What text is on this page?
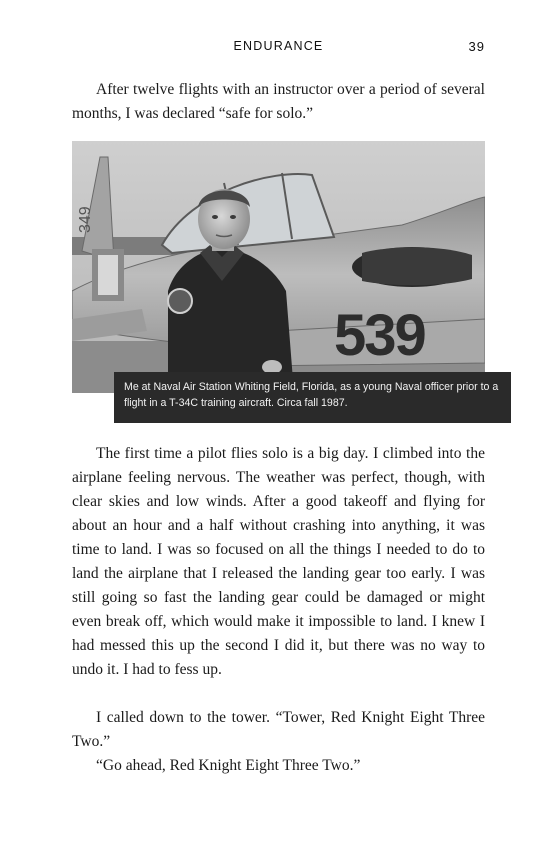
ENDURANCE	39

After twelve flights with an instructor over a period of several months, I was declared “safe for solo.”

349
539

Me at Naval Air Station Whiting Field, Florida, as a young Naval officer prior to a flight in a T-34C training aircraft. Circa fall 1987.

The first time a pilot flies solo is a big day. I climbed into the airplane feeling nervous. The weather was perfect, though, with clear skies and low winds. After a good takeoff and flying for about an hour and a half without crashing into anything, it was time to land. I was so focused on all the things I needed to do to land the airplane that I released the landing gear too early. I was still going so fast the landing gear could be damaged or might even break off, which would make it impossible to land. I knew I had messed this up the second I did it, but there was no way to undo it. I had to fess up.

I called down to the tower. “Tower, Red Knight Eight Three Two.”

“Go ahead, Red Knight Eight Three Two.”
